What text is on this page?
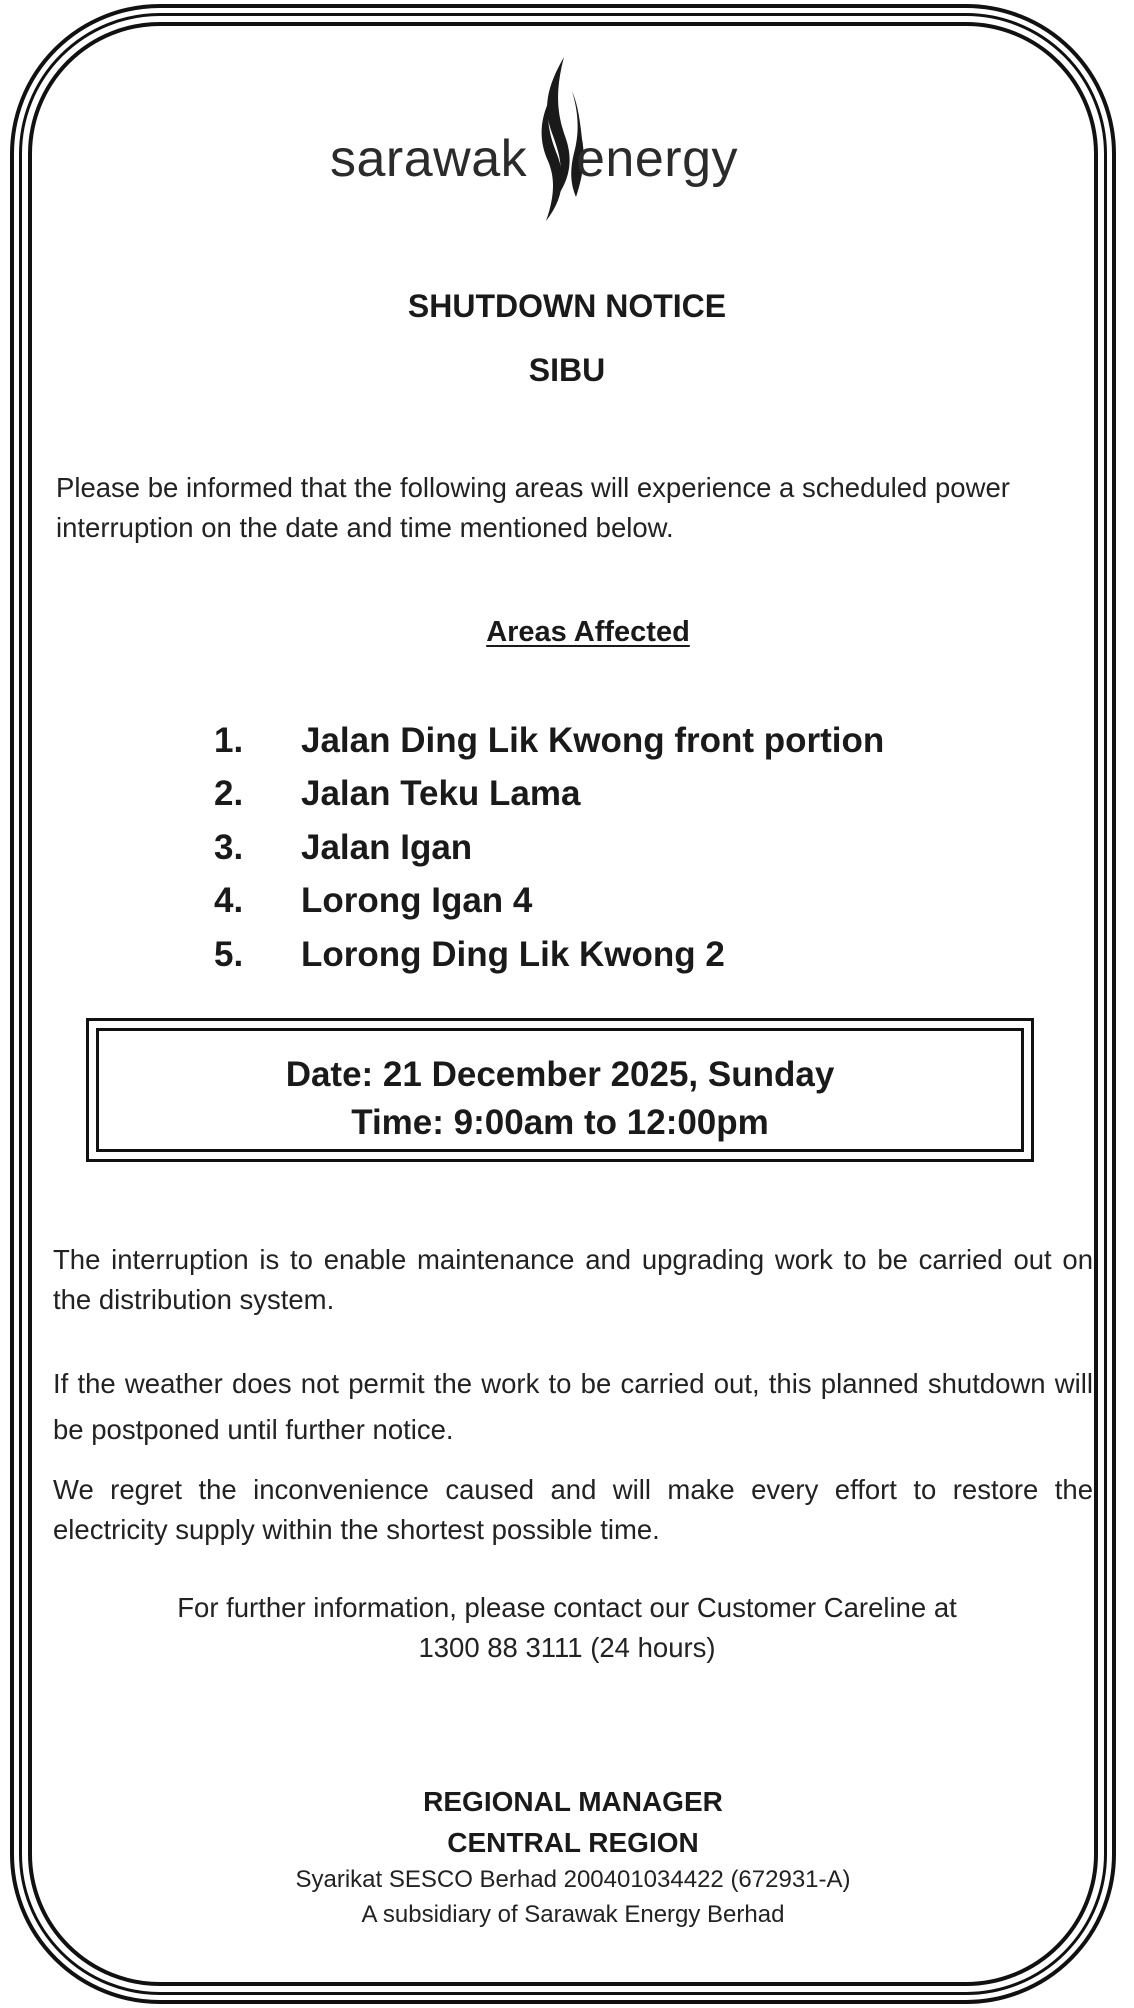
sarawak energy
SHUTDOWN NOTICE
SIBU
Please be informed that the following areas will experience a scheduled power interruption on the date and time mentioned below.
Areas Affected
1.	Jalan Ding Lik Kwong front portion
2.	Jalan Teku Lama
3.	Jalan Igan
4.	Lorong Igan 4
5.	Lorong Ding Lik Kwong 2
Date: 21 December 2025, Sunday
Time: 9:00am to 12:00pm
The interruption is to enable maintenance and upgrading work to be carried out on the distribution system.
If the weather does not permit the work to be carried out, this planned shutdown will be postponed until further notice.
We regret the inconvenience caused and will make every effort to restore the electricity supply within the shortest possible time.
For further information, please contact our Customer Careline at
1300 88 3111 (24 hours)
REGIONAL MANAGER
CENTRAL REGION
Syarikat SESCO Berhad 200401034422 (672931-A)
A subsidiary of Sarawak Energy Berhad
